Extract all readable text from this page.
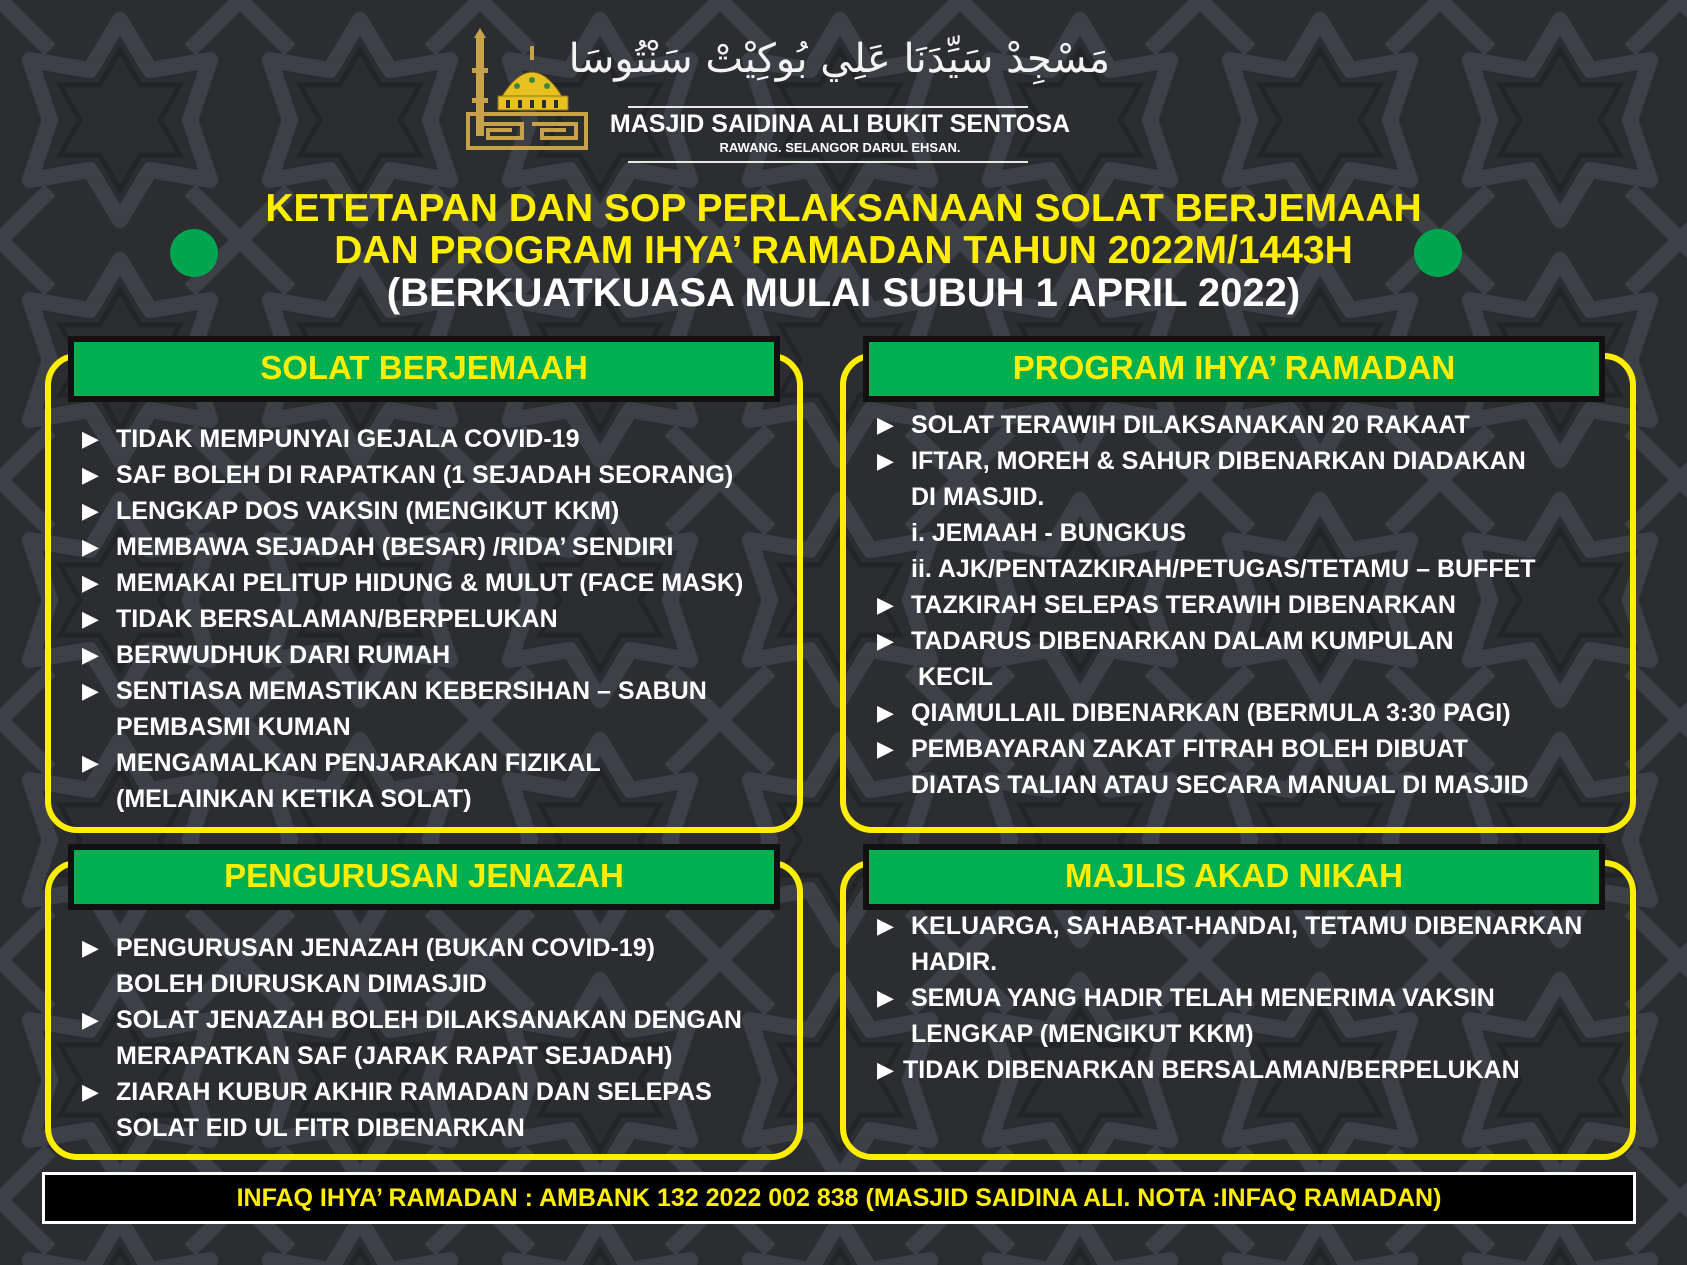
مَسْجِدْ سَيِّدَنَا عَلِي بُوكِيْتْ سَنْتُوسَا
MASJID SAIDINA ALI BUKIT SENTOSA
RAWANG. SELANGOR DARUL EHSAN.
KETETAPAN DAN SOP PERLAKSANAAN SOLAT BERJEMAAH
DAN PROGRAM IHYA’ RAMADAN TAHUN 2022M/1443H
(BERKUATKUASA MULAI SUBUH 1 APRIL 2022)
SOLAT BERJEMAAH
▶ TIDAK MEMPUNYAI GEJALA COVID-19
▶ SAF BOLEH DI RAPATKAN (1 SEJADAH SEORANG)
▶ LENGKAP DOS VAKSIN (MENGIKUT KKM)
▶ MEMBAWA SEJADAH (BESAR) /RIDA’ SENDIRI
▶ MEMAKAI PELITUP HIDUNG & MULUT (FACE MASK)
▶ TIDAK BERSALAMAN/BERPELUKAN
▶ BERWUDHUK DARI RUMAH
▶ SENTIASA MEMASTIKAN KEBERSIHAN – SABUN
PEMBASMI KUMAN
▶ MENGAMALKAN PENJARAKAN FIZIKAL
(MELAINKAN KETIKA SOLAT)
PROGRAM IHYA’ RAMADAN
▶ SOLAT TERAWIH DILAKSANAKAN 20 RAKAAT
▶ IFTAR, MOREH & SAHUR DIBENARKAN DIADAKAN
DI MASJID.
i. JEMAAH - BUNGKUS
ii. AJK/PENTAZKIRAH/PETUGAS/TETAMU – BUFFET
▶ TAZKIRAH SELEPAS TERAWIH DIBENARKAN
▶ TADARUS DIBENARKAN DALAM KUMPULAN
KECIL
▶ QIAMULLAIL DIBENARKAN (BERMULA 3:30 PAGI)
▶ PEMBAYARAN ZAKAT FITRAH BOLEH DIBUAT
DIATAS TALIAN ATAU SECARA MANUAL DI MASJID
PENGURUSAN JENAZAH
▶ PENGURUSAN JENAZAH (BUKAN COVID-19)
BOLEH DIURUSKAN DIMASJID
▶ SOLAT JENAZAH BOLEH DILAKSANAKAN DENGAN
MERAPATKAN SAF (JARAK RAPAT SEJADAH)
▶ ZIARAH KUBUR AKHIR RAMADAN DAN SELEPAS
SOLAT EID UL FITR DIBENARKAN
MAJLIS AKAD NIKAH
▶ KELUARGA, SAHABAT-HANDAI, TETAMU DIBENARKAN
HADIR.
▶ SEMUA YANG HADIR TELAH MENERIMA VAKSIN
LENGKAP (MENGIKUT KKM)
▶ TIDAK DIBENARKAN BERSALAMAN/BERPELUKAN
INFAQ IHYA’ RAMADAN : AMBANK 132 2022 002 838 (MASJID SAIDINA ALI. NOTA :INFAQ RAMADAN)
